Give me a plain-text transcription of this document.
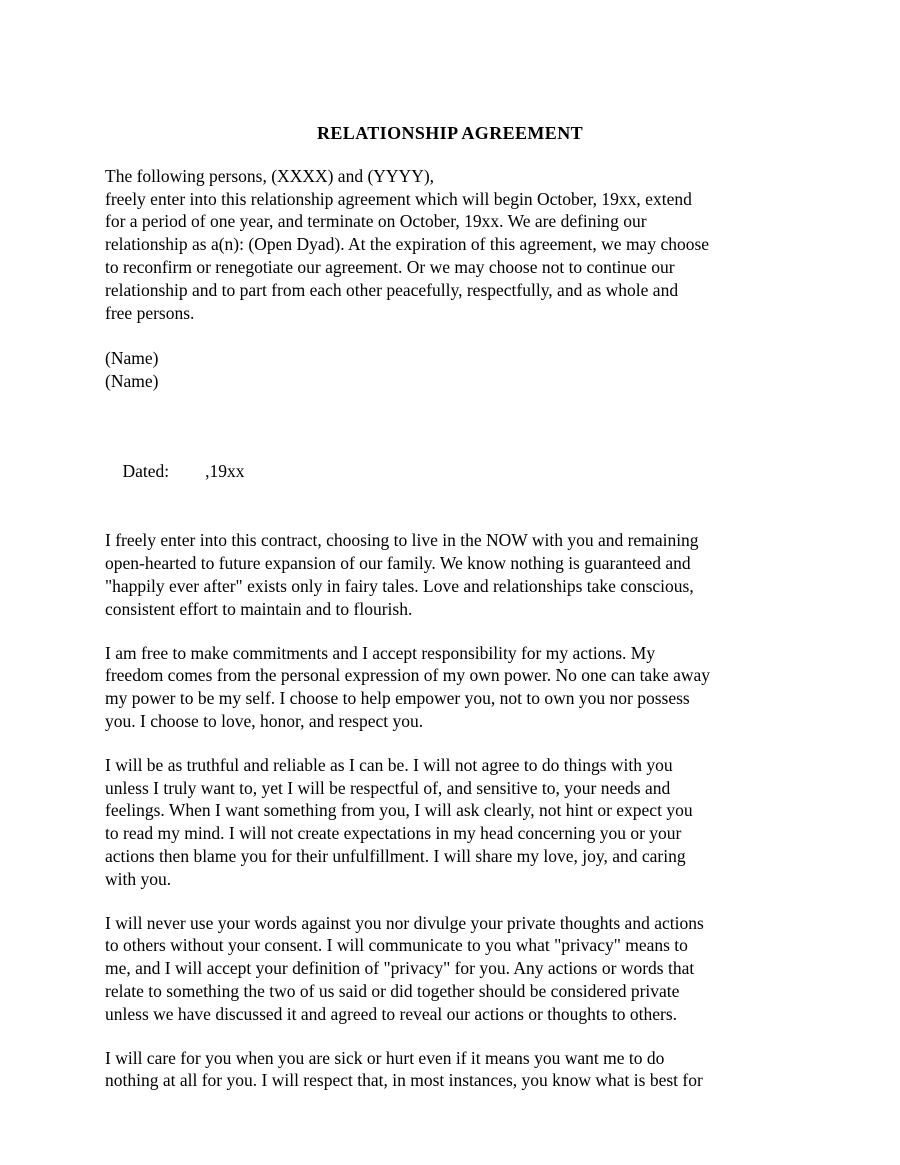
RELATIONSHIP AGREEMENT
The following persons, (XXXX) and (YYYY),
freely enter into this relationship agreement which will begin October, 19xx, extend
for a period of one year, and terminate on October, 19xx. We are defining our
relationship as a(n): (Open Dyad). At the expiration of this agreement, we may choose
to reconfirm or renegotiate our agreement. Or we may choose not to continue our
relationship and to part from each other peacefully, respectfully, and as whole and
free persons.
(Name)
(Name)

Dated: ,19xx

I freely enter into this contract, choosing to live in the NOW with you and remaining
open-hearted to future expansion of our family. We know nothing is guaranteed and
"happily ever after" exists only in fairy tales. Love and relationships take conscious,
consistent effort to maintain and to flourish.
I am free to make commitments and I accept responsibility for my actions. My
freedom comes from the personal expression of my own power. No one can take away
my power to be my self. I choose to help empower you, not to own you nor possess
you. I choose to love, honor, and respect you.
I will be as truthful and reliable as I can be. I will not agree to do things with you
unless I truly want to, yet I will be respectful of, and sensitive to, your needs and
feelings. When I want something from you, I will ask clearly, not hint or expect you
to read my mind. I will not create expectations in my head concerning you or your
actions then blame you for their unfulfillment. I will share my love, joy, and caring
with you.
I will never use your words against you nor divulge your private thoughts and actions
to others without your consent. I will communicate to you what "privacy" means to
me, and I will accept your definition of "privacy" for you. Any actions or words that
relate to something the two of us said or did together should be considered private
unless we have discussed it and agreed to reveal our actions or thoughts to others.
I will care for you when you are sick or hurt even if it means you want me to do
nothing at all for you. I will respect that, in most instances, you know what is best for
